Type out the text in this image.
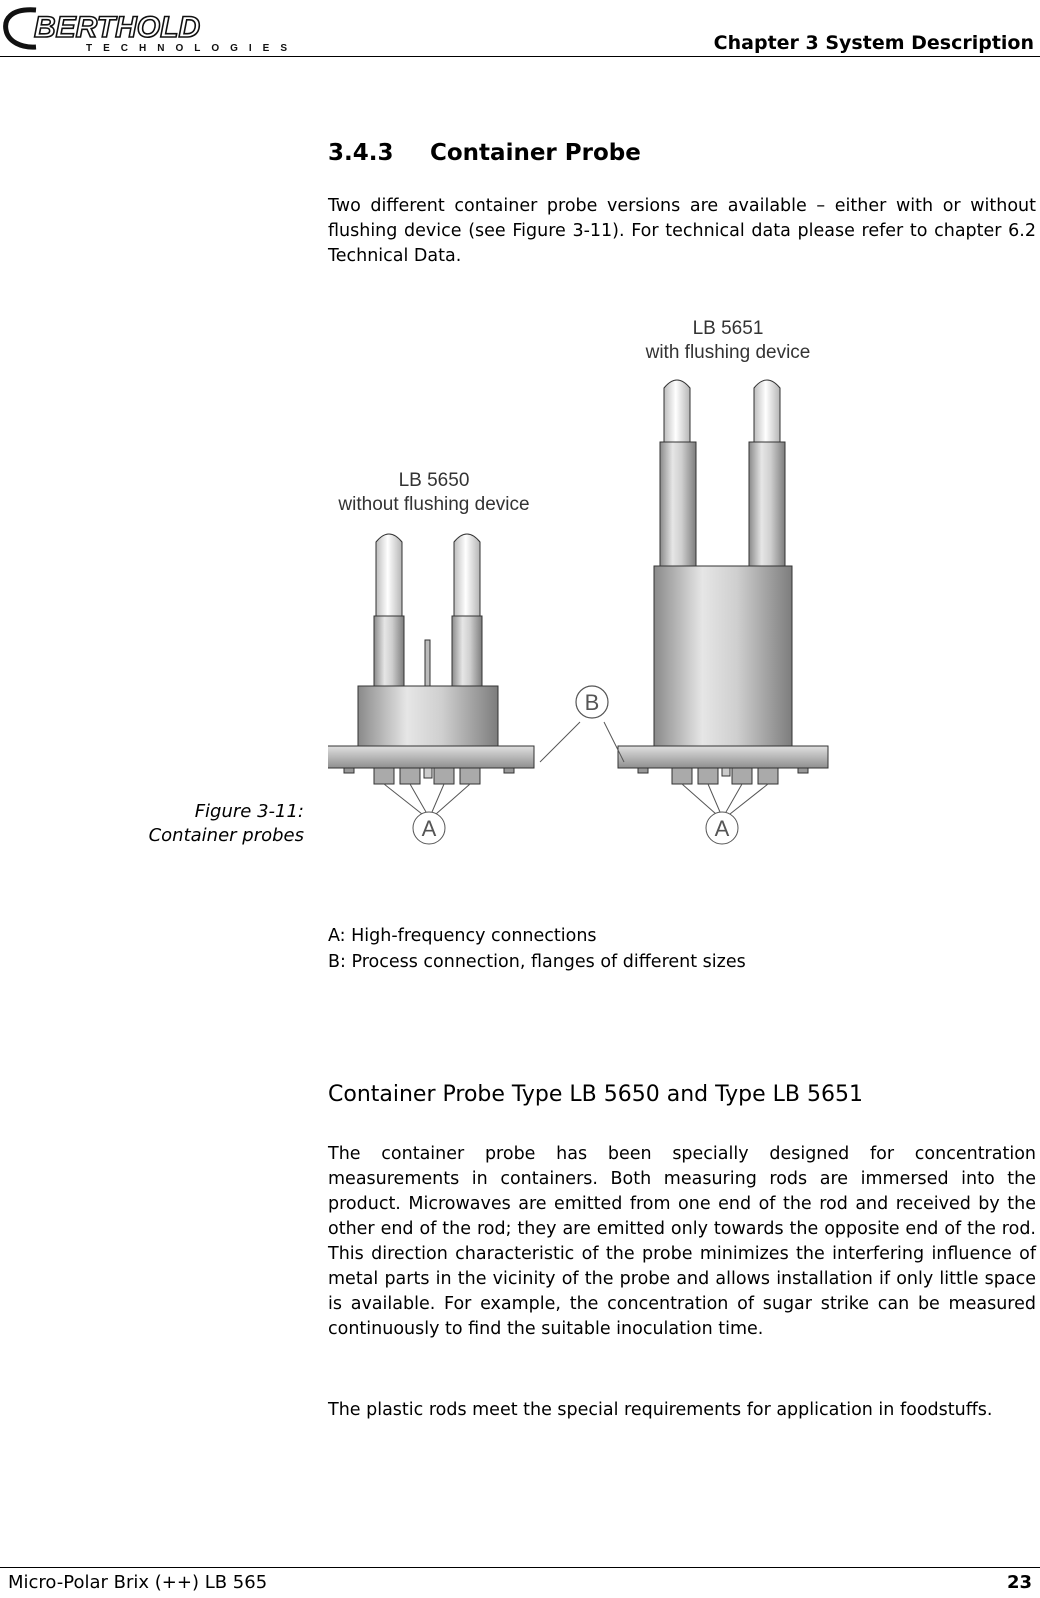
BERTHOLD
TECHNOLOGIES	Chapter 3 System Description
3.4.3 Container Probe
Two different container probe versions are available – either with or without flushing device (see Figure 3-11). For technical data please refer to chapter 6.2 Technical Data.
LB 5651
with flushing device
LB 5650
without flushing device
B
A	A
Figure 3-11:
Container probes
A: High-frequency connections
B: Process connection, flanges of different sizes
Container Probe Type LB 5650 and Type LB 5651
The container probe has been specially designed for concentration measurements in containers. Both measuring rods are immersed into the product. Microwaves are emitted from one end of the rod and received by the other end of the rod; they are emitted only towards the opposite end of the rod. This direction characteristic of the probe minimizes the interfering influence of metal parts in the vicinity of the probe and allows installation if only little space is available. For example, the concentration of sugar strike can be measured continuously to find the suitable inoculation time.
The plastic rods meet the special requirements for application in foodstuffs.
Micro-Polar Brix (++) LB 565	23
